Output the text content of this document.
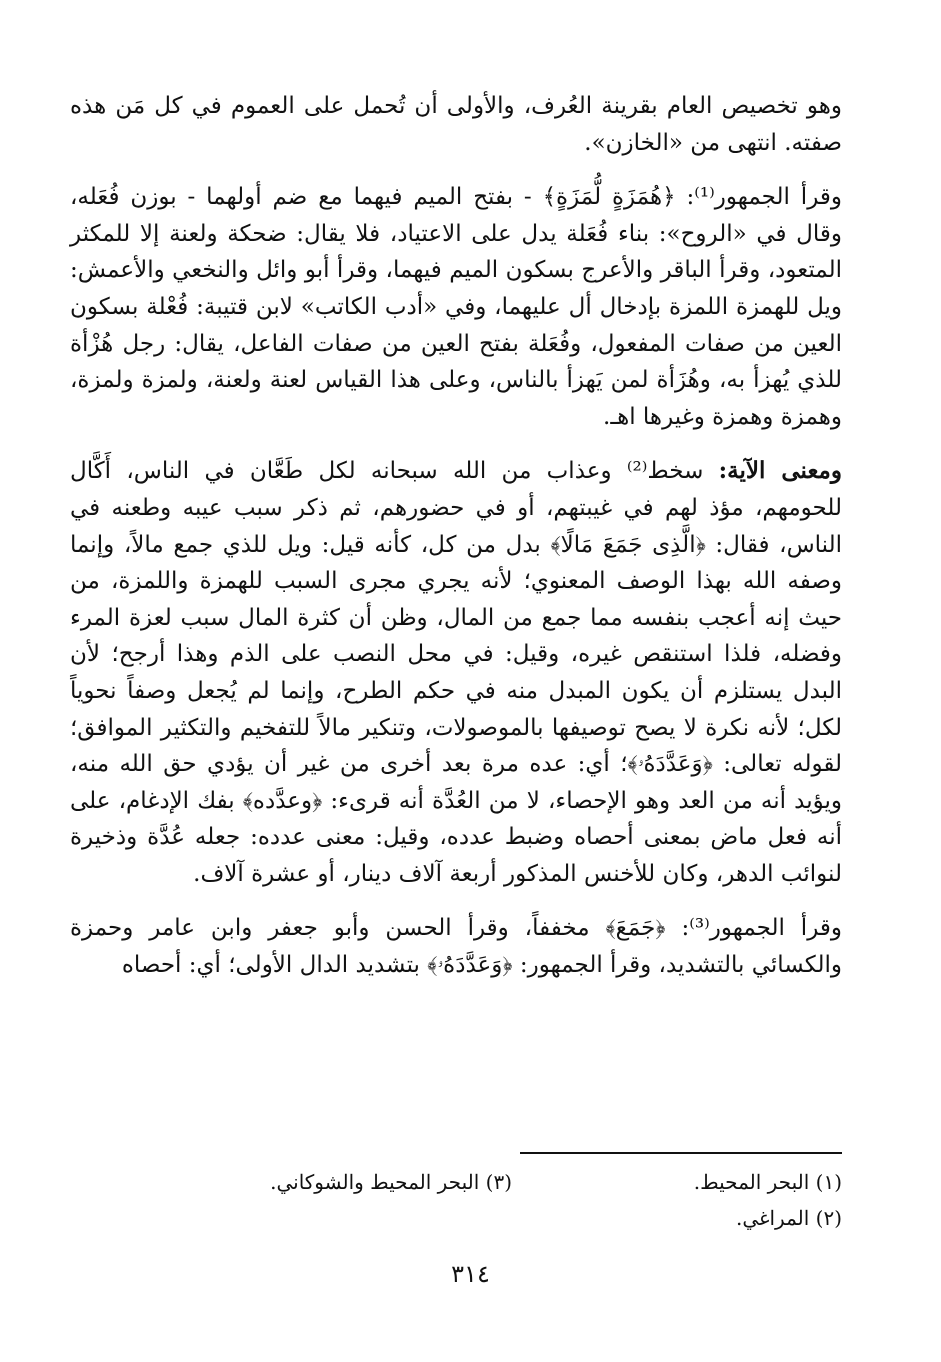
وهو تخصيص العام بقرينة العُرف، والأولى أن تُحمل على العموم في كل مَن هذه صفته. انتهى من «الخازن».

وقرأ الجمهور⁽¹⁾: ﴿هُمَزَةٍ لُّمَزَةٍ﴾ - بفتح الميم فيهما مع ضم أولهما - بوزن فُعَله، وقال في «الروح»: بناء فُعَلة يدل على الاعتياد، فلا يقال: ضحكة ولعنة إلا للمكثر المتعود، وقرأ الباقر والأعرج بسكون الميم فيهما، وقرأ أبو وائل والنخعي والأعمش: ويل للهمزة اللمزة بإدخال أل عليهما، وفي «أدب الكاتب» لابن قتيبة: فُعْلة بسكون العين من صفات المفعول، وفُعَلة بفتح العين من صفات الفاعل، يقال: رجل هُزْأة للذي يُهزأ به، وهُزَأة لمن يَهزأ بالناس، وعلى هذا القياس لعنة ولعنة، ولمزة ولمزة، وهمزة وهمزة وغيرها اهـ.

ومعنى الآية: سخط⁽²⁾ وعذاب من الله سبحانه لكل طَعَّان في الناس، أَكَّال للحومهم، مؤذ لهم في غيبتهم، أو في حضورهم، ثم ذكر سبب عيبه وطعنه في الناس، فقال: ﴿الَّذِى جَمَعَ مَالًا﴾ بدل من كل، كأنه قيل: ويل للذي جمع مالاً، وإنما وصفه الله بهذا الوصف المعنوي؛ لأنه يجري مجرى السبب للهمزة واللمزة، من حيث إنه أعجب بنفسه مما جمع من المال، وظن أن كثرة المال سبب لعزة المرء وفضله، فلذا استنقص غيره، وقيل: في محل النصب على الذم وهذا أرجح؛ لأن البدل يستلزم أن يكون المبدل منه في حكم الطرح، وإنما لم يُجعل وصفاً نحوياً لكل؛ لأنه نكرة لا يصح توصيفها بالموصولات، وتنكير مالاً للتفخيم والتكثير الموافق؛ لقوله تعالى: ﴿وَعَدَّدَهُۥ﴾؛ أي: عده مرة بعد أخرى من غير أن يؤدي حق الله منه، ويؤيد أنه من العد وهو الإحصاء، لا من العُدَّة أنه قرىء: ﴿وعدَّده﴾ بفك الإدغام، على أنه فعل ماض بمعنى أحصاه وضبط عدده، وقيل: معنى عدده: جعله عُدَّة وذخيرة لنوائب الدهر، وكان للأخنس المذكور أربعة آلاف دينار، أو عشرة آلاف.

وقرأ الجمهور⁽³⁾: ﴿جَمَعَ﴾ مخففاً، وقرأ الحسن وأبو جعفر وابن عامر وحمزة والكسائي بالتشديد، وقرأ الجمهور: ﴿وَعَدَّدَهُۥ﴾ بتشديد الدال الأولى؛ أي: أحصاه

(١) البحر المحيط.
(٣) البحر المحيط والشوكاني.
(٢) المراغي.
٣١٤
